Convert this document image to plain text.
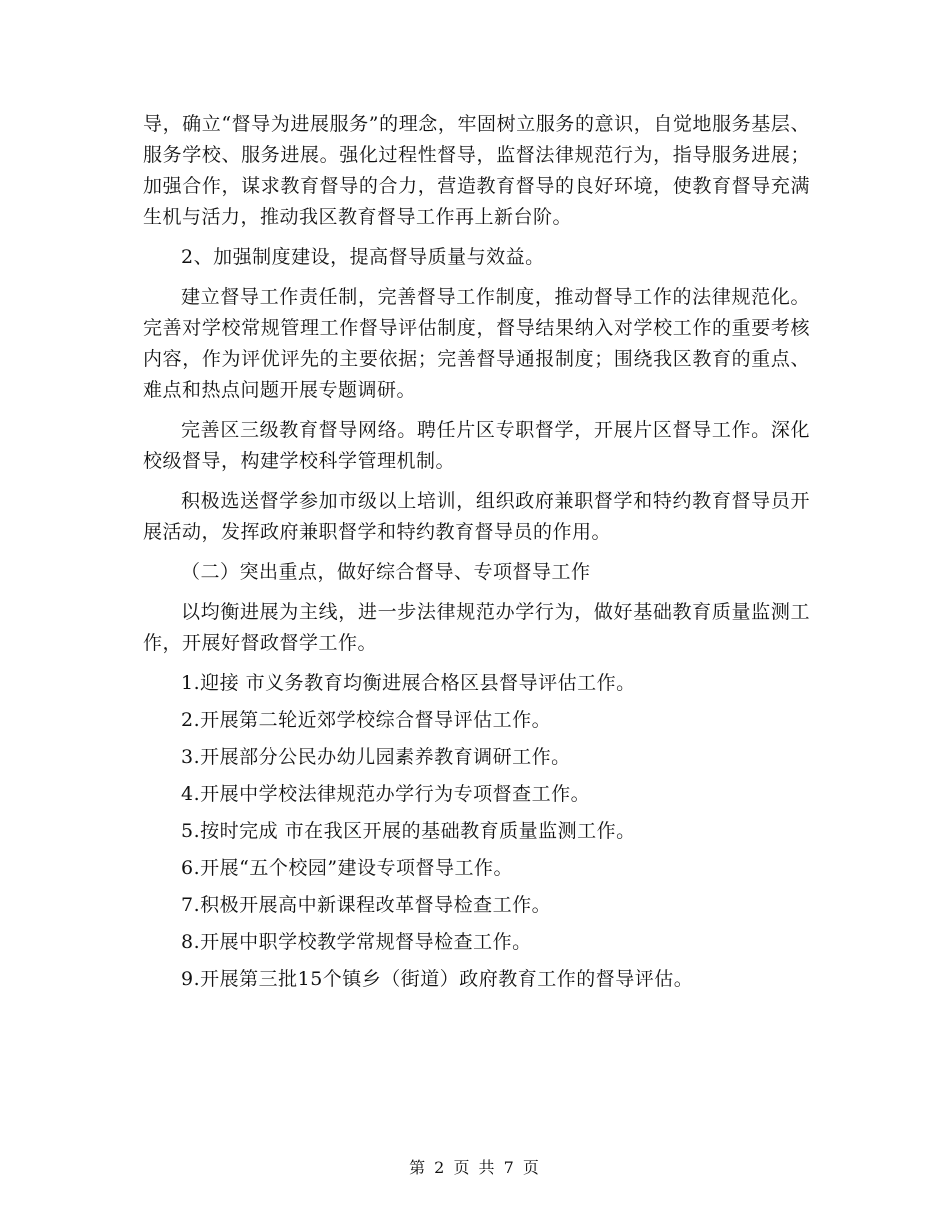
导，确立“督导为进展服务”的理念，牢固树立服务的意识，自觉地服务基层、服务学校、服务进展。强化过程性督导，监督法律规范行为，指导服务进展；加强合作，谋求教育督导的合力，营造教育督导的良好环境，使教育督导充满生机与活力，推动我区教育督导工作再上新台阶。

2、加强制度建设，提高督导质量与效益。

建立督导工作责任制，完善督导工作制度，推动督导工作的法律规范化。完善对学校常规管理工作督导评估制度，督导结果纳入对学校工作的重要考核内容，作为评优评先的主要依据；完善督导通报制度；围绕我区教育的重点、难点和热点问题开展专题调研。

完善区三级教育督导网络。聘任片区专职督学，开展片区督导工作。深化校级督导，构建学校科学管理机制。

积极选送督学参加市级以上培训，组织政府兼职督学和特约教育督导员开展活动，发挥政府兼职督学和特约教育督导员的作用。

（二）突出重点，做好综合督导、专项督导工作

以均衡进展为主线，进一步法律规范办学行为，做好基础教育质量监测工作，开展好督政督学工作。

1.迎接 市义务教育均衡进展合格区县督导评估工作。
2.开展第二轮近郊学校综合督导评估工作。
3.开展部分公民办幼儿园素养教育调研工作。
4.开展中学校法律规范办学行为专项督查工作。
5.按时完成 市在我区开展的基础教育质量监测工作。
6.开展“五个校园”建设专项督导工作。
7.积极开展高中新课程改革督导检查工作。
8.开展中职学校教学常规督导检查工作。
9.开展第三批15个镇乡（街道）政府教育工作的督导评估。
第 2 页 共 7 页
